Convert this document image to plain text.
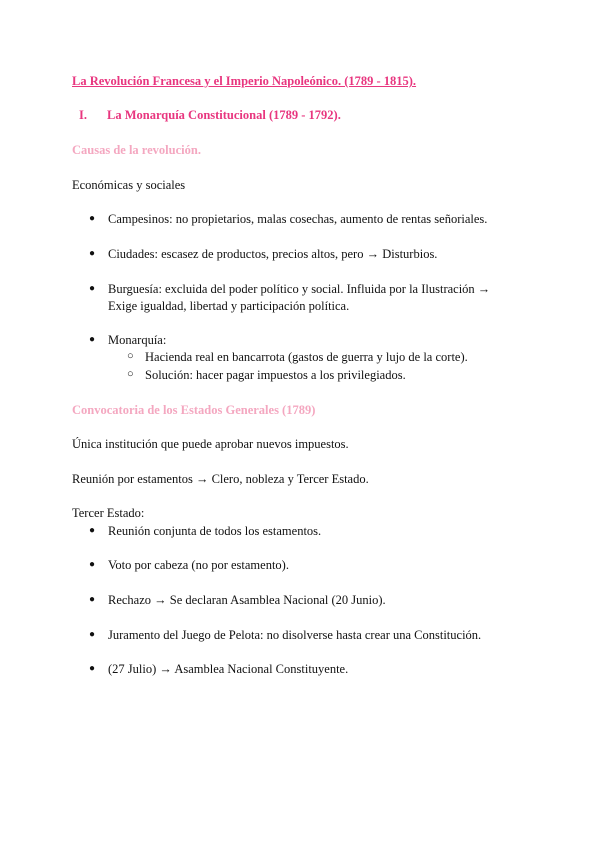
La Revolución Francesa y el Imperio Napoleónico. (1789 - 1815).
I. La Monarquía Constitucional (1789 - 1792).
Causas de la revolución.
Económicas y sociales
● Campesinos: no propietarios, malas cosechas, aumento de rentas señoriales.
● Ciudades: escasez de productos, precios altos, pero → Disturbios.
● Burguesía: excluida del poder político y social. Influida por la Ilustración →
Exige igualdad, libertad y participación política.
● Monarquía:
○ Hacienda real en bancarrota (gastos de guerra y lujo de la corte).
○ Solución: hacer pagar impuestos a los privilegiados.
Convocatoria de los Estados Generales (1789)
Única institución que puede aprobar nuevos impuestos.
Reunión por estamentos → Clero, nobleza y Tercer Estado.
Tercer Estado:
● Reunión conjunta de todos los estamentos.
● Voto por cabeza (no por estamento).
● Rechazo → Se declaran Asamblea Nacional (20 Junio).
● Juramento del Juego de Pelota: no disolverse hasta crear una Constitución.
● (27 Julio) → Asamblea Nacional Constituyente.
